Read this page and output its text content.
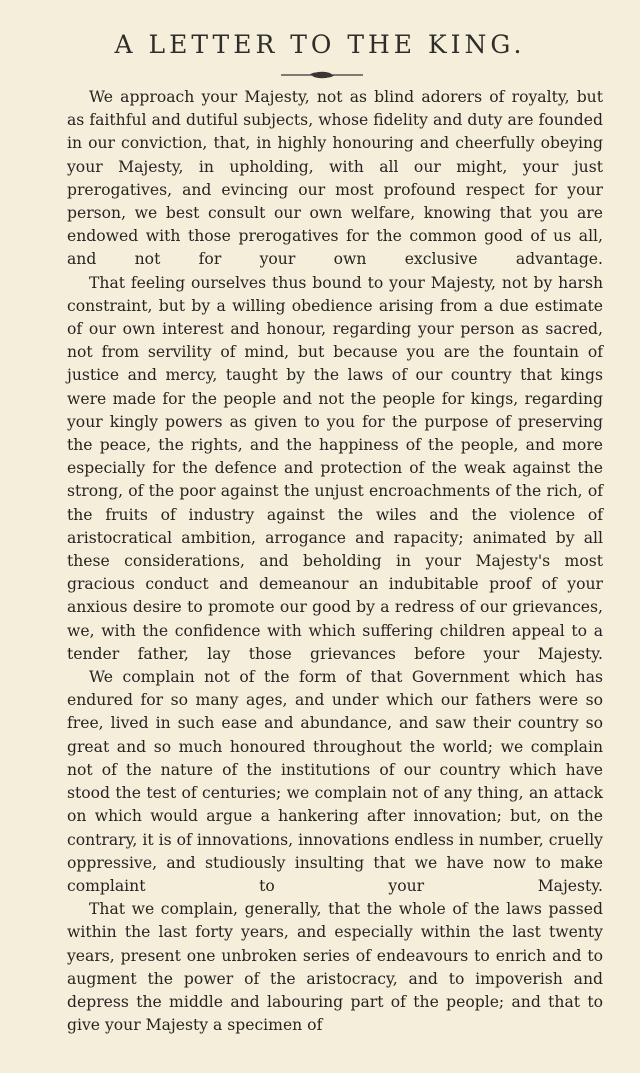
A LETTER TO THE KING.

We approach your Majesty, not as blind adorers of royalty, but as faithful and dutiful subjects, whose fidelity and duty are founded in our conviction, that, in highly honouring and cheerfully obeying your Majesty, in upholding, with all our might, your just prerogatives, and evincing our most profound respect for your person, we best consult our own welfare, knowing that you are endowed with those prerogatives for the common good of us all, and not for your own exclusive advantage.

That feeling ourselves thus bound to your Majesty, not by harsh constraint, but by a willing obedience arising from a due estimate of our own interest and honour, regarding your person as sacred, not from servility of mind, but because you are the fountain of justice and mercy, taught by the laws of our country that kings were made for the people and not the people for kings, regarding your kingly powers as given to you for the purpose of preserving the peace, the rights, and the happiness of the people, and more especially for the defence and protection of the weak against the strong, of the poor against the unjust encroachments of the rich, of the fruits of industry against the wiles and the violence of aristocratical ambition, arrogance and rapacity; animated by all these considerations, and beholding in your Majesty's most gracious conduct and demeanour an indubitable proof of your anxious desire to promote our good by a redress of our grievances, we, with the confidence with which suffering children appeal to a tender father, lay those grievances before your Majesty.

We complain not of the form of that Government which has endured for so many ages, and under which our fathers were so free, lived in such ease and abundance, and saw their country so great and so much honoured throughout the world; we complain not of the nature of the institutions of our country which have stood the test of centuries; we complain not of any thing, an attack on which would argue a hankering after innovation; but, on the contrary, it is of innovations, innovations endless in number, cruelly oppressive, and studiously insulting that we have now to make complaint to your Majesty.

That we complain, generally, that the whole of the laws passed within the last forty years, and especially within the last twenty years, present one unbroken series of endeavours to enrich and to augment the power of the aristocracy, and to impoverish and depress the middle and labouring part of the people; and that to give your Majesty a specimen of
